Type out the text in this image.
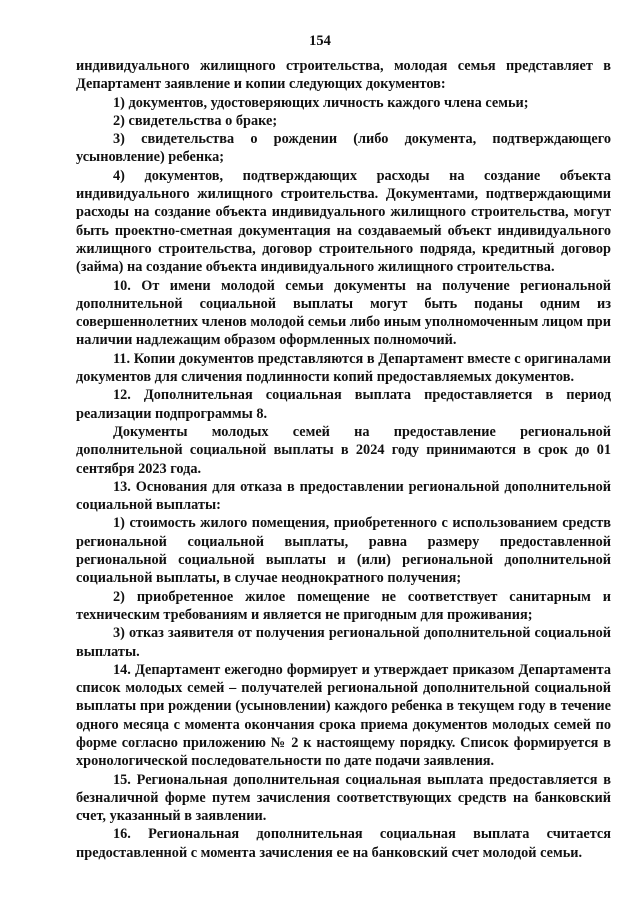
154

индивидуального жилищного строительства, молодая семья представляет в Департамент заявление и копии следующих документов:

1) документов, удостоверяющих личность каждого члена семьи;

2) свидетельства о браке;

3) свидетельства о рождении (либо документа, подтверждающего усыновление) ребенка;

4) документов, подтверждающих расходы на создание объекта индивидуального жилищного строительства. Документами, подтверждающими расходы на создание объекта индивидуального жилищного строительства, могут быть проектно-сметная документация на создаваемый объект индивидуального жилищного строительства, договор строительного подряда, кредитный договор (займа) на создание объекта индивидуального жилищного строительства.

10. От имени молодой семьи документы на получение региональной дополнительной социальной выплаты могут быть поданы одним из совершеннолетних членов молодой семьи либо иным уполномоченным лицом при наличии надлежащим образом оформленных полномочий.

11. Копии документов представляются в Департамент вместе с оригиналами документов для сличения подлинности копий предоставляемых документов.

12. Дополнительная социальная выплата предоставляется в период реализации подпрограммы 8.

Документы молодых семей на предоставление региональной дополнительной социальной выплаты в 2024 году принимаются в срок до 01 сентября 2023 года.

13. Основания для отказа в предоставлении региональной дополнительной социальной выплаты:

1) стоимость жилого помещения, приобретенного с использованием средств региональной социальной выплаты, равна размеру предоставленной региональной социальной выплаты и (или) региональной дополнительной социальной выплаты, в случае неоднократного получения;

2) приобретенное жилое помещение не соответствует санитарным и техническим требованиям и является не пригодным для проживания;

3) отказ заявителя от получения региональной дополнительной социальной выплаты.

14. Департамент ежегодно формирует и утверждает приказом Департамента список молодых семей – получателей региональной дополнительной социальной выплаты при рождении (усыновлении) каждого ребенка в текущем году в течение одного месяца с момента окончания срока приема документов молодых семей по форме согласно приложению № 2 к настоящему порядку. Список формируется в хронологической последовательности по дате подачи заявления.

15. Региональная дополнительная социальная выплата предоставляется в безналичной форме путем зачисления соответствующих средств на банковский счет, указанный в заявлении.

16. Региональная дополнительная социальная выплата считается предоставленной с момента зачисления ее на банковский счет молодой семьи.
